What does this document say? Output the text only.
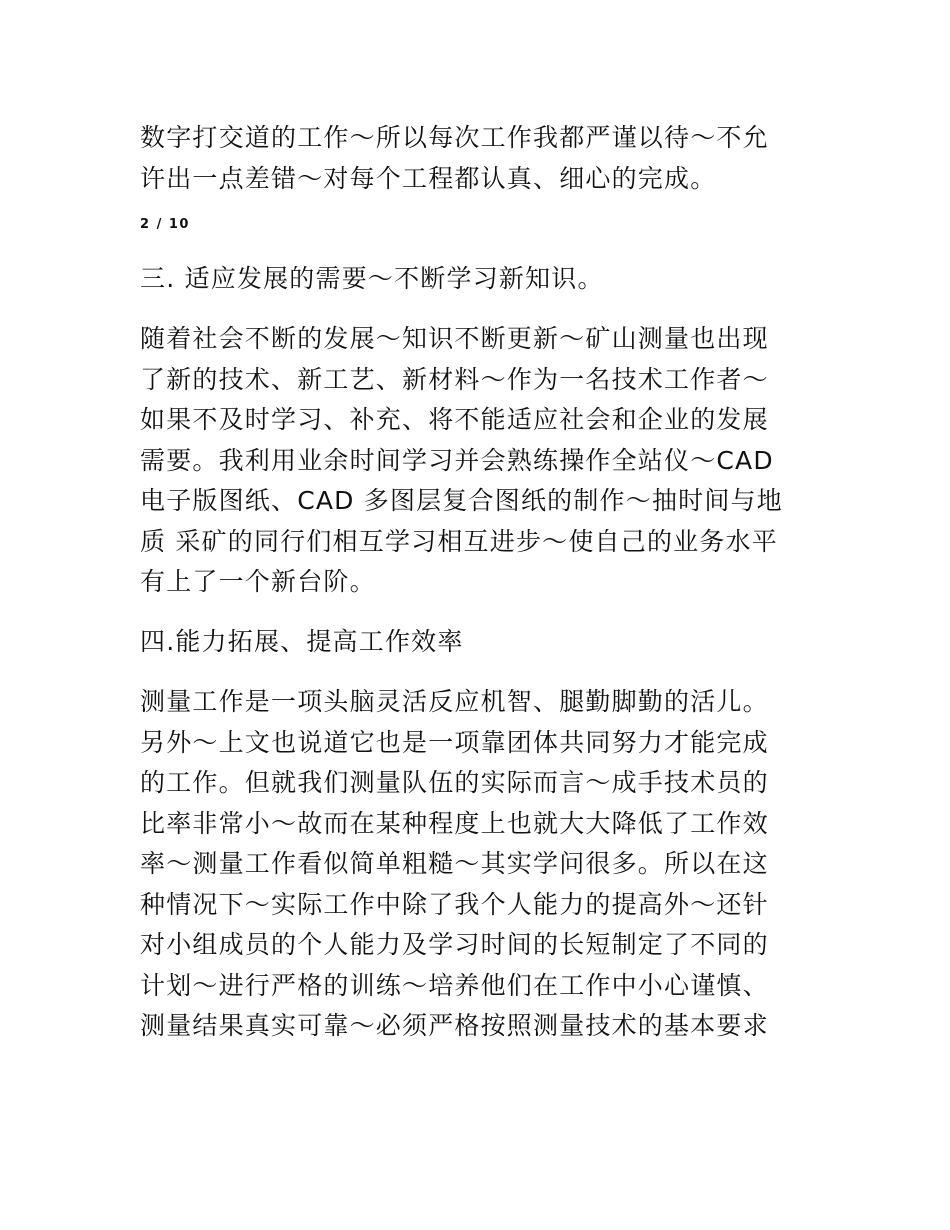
数字打交道的工作～所以每次工作我都严谨以待～不允
许出一点差错～对每个工程都认真、细心的完成。
2 / 10
三. 适应发展的需要～不断学习新知识。
随着社会不断的发展～知识不断更新～矿山测量也出现
了新的技术、新工艺、新材料～作为一名技术工作者～
如果不及时学习、补充、将不能适应社会和企业的发展
需要。我利用业余时间学习并会熟练操作全站仪～CAD
电子版图纸、CAD 多图层复合图纸的制作～抽时间与地
质 采矿的同行们相互学习相互进步～使自己的业务水平
有上了一个新台阶。
四.能力拓展、提高工作效率
测量工作是一项头脑灵活反应机智、腿勤脚勤的活儿。
另外～上文也说道它也是一项靠团体共同努力才能完成
的工作。但就我们测量队伍的实际而言～成手技术员的
比率非常小～故而在某种程度上也就大大降低了工作效
率～测量工作看似简单粗糙～其实学问很多。所以在这
种情况下～实际工作中除了我个人能力的提高外～还针
对小组成员的个人能力及学习时间的长短制定了不同的
计划～进行严格的训练～培养他们在工作中小心谨慎、
测量结果真实可靠～必须严格按照测量技术的基本要求
